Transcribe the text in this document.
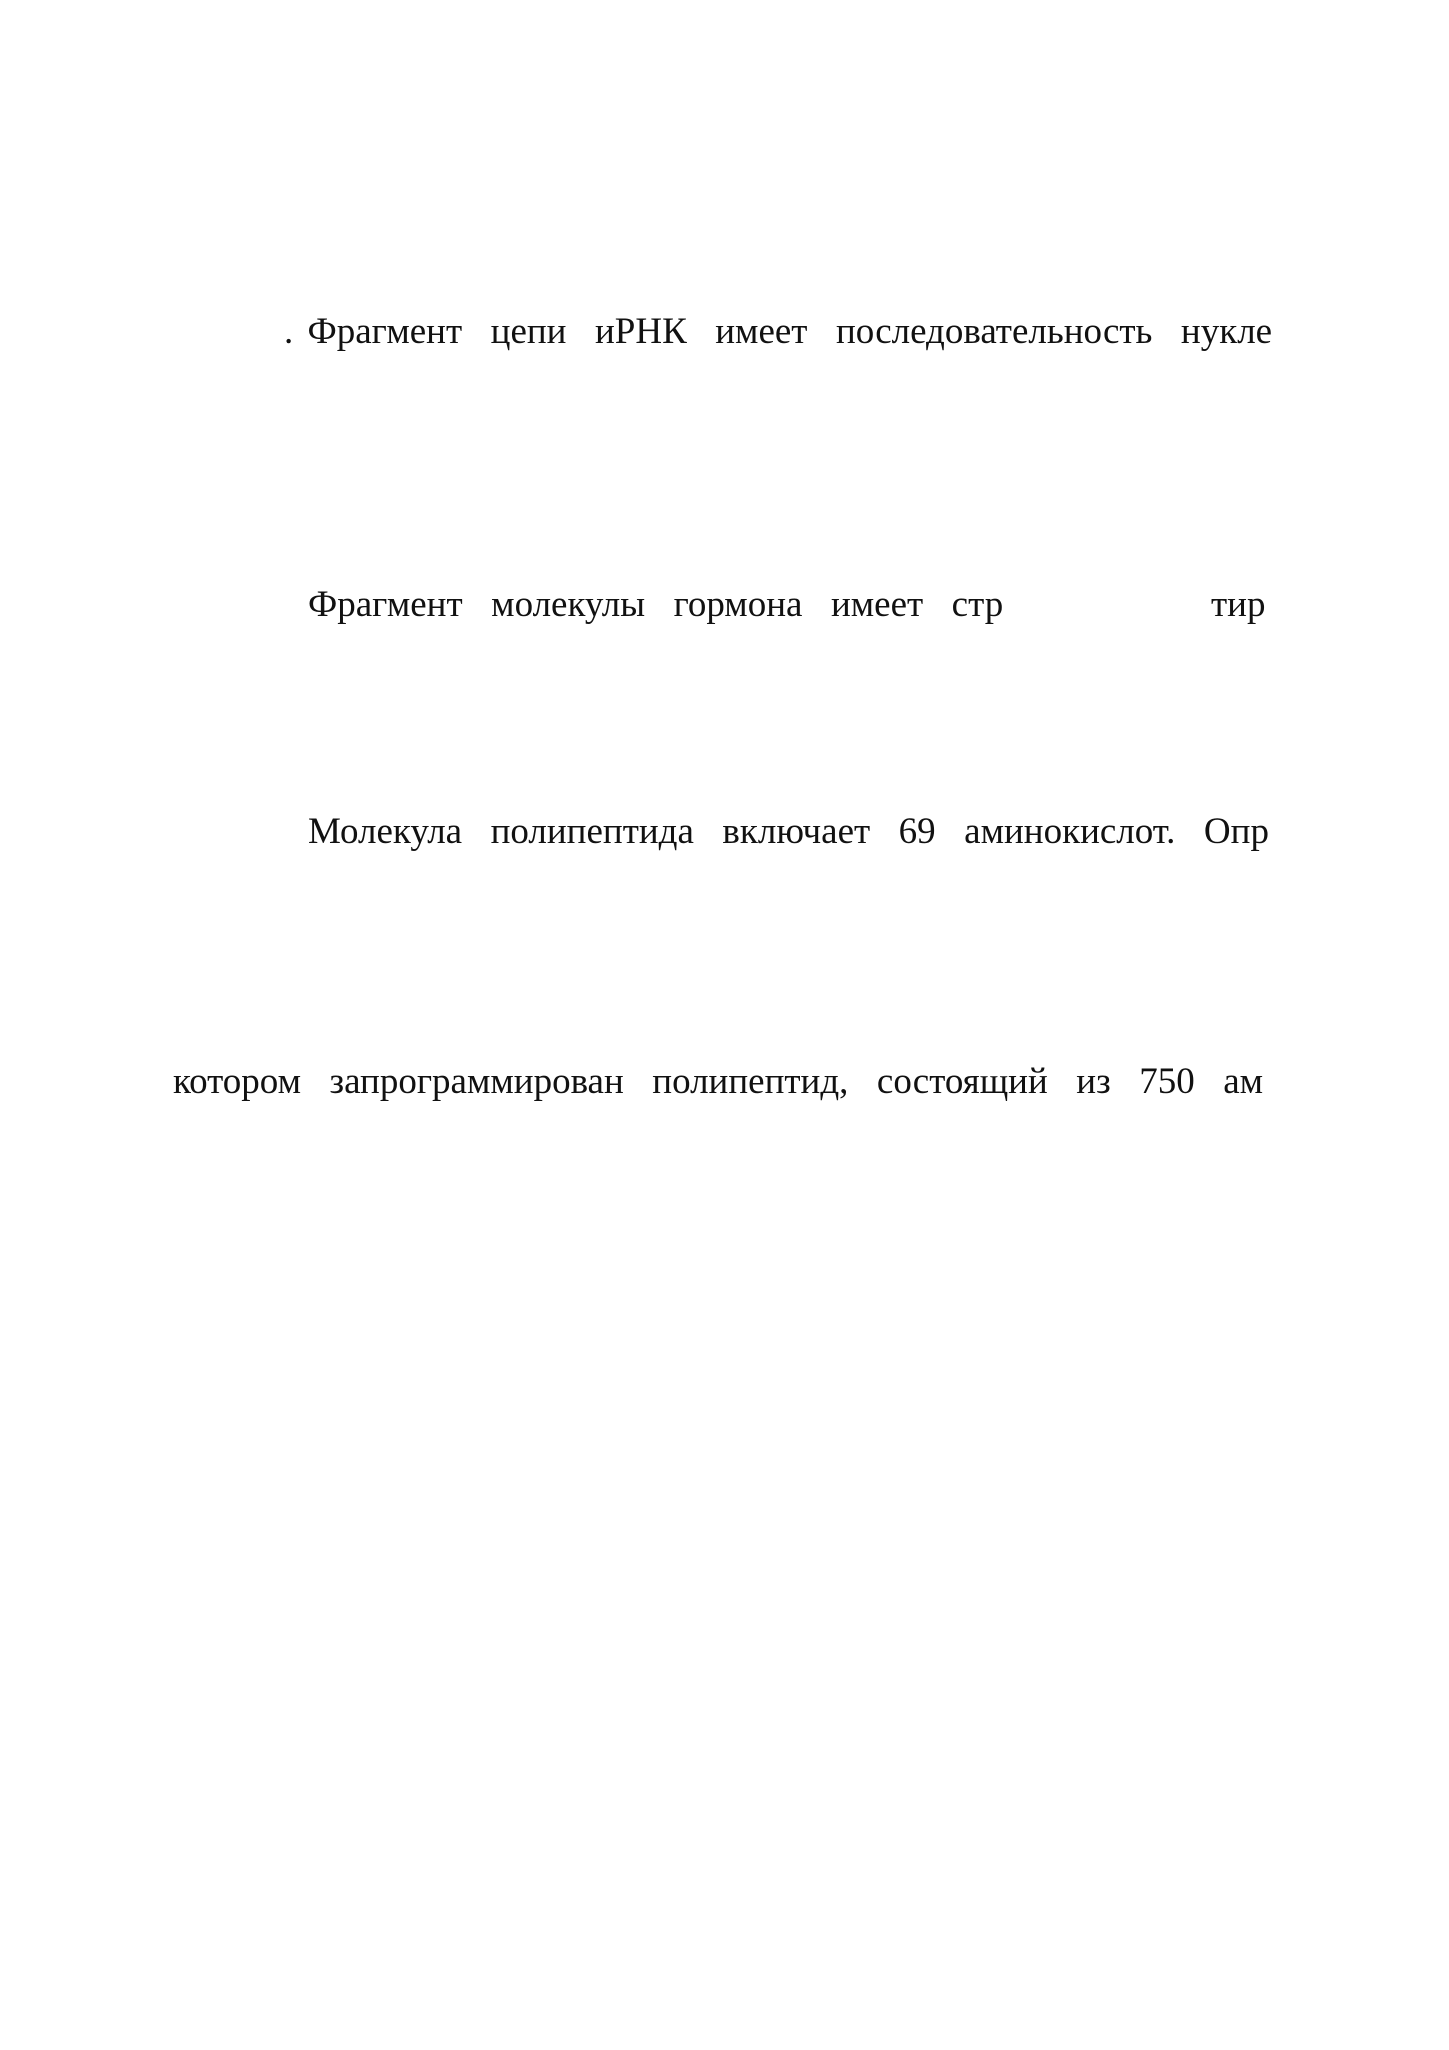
. Фрагмент  цепи  иРНК  имеет  последовательность  нукле
Фрагмент  молекулы  гормона  имеет  стр	тир
Молекула  полипептида  включает  69  аминокислот.  Опр
котором  запрограммирован  полипептид,  состоящий  из  750  ам
